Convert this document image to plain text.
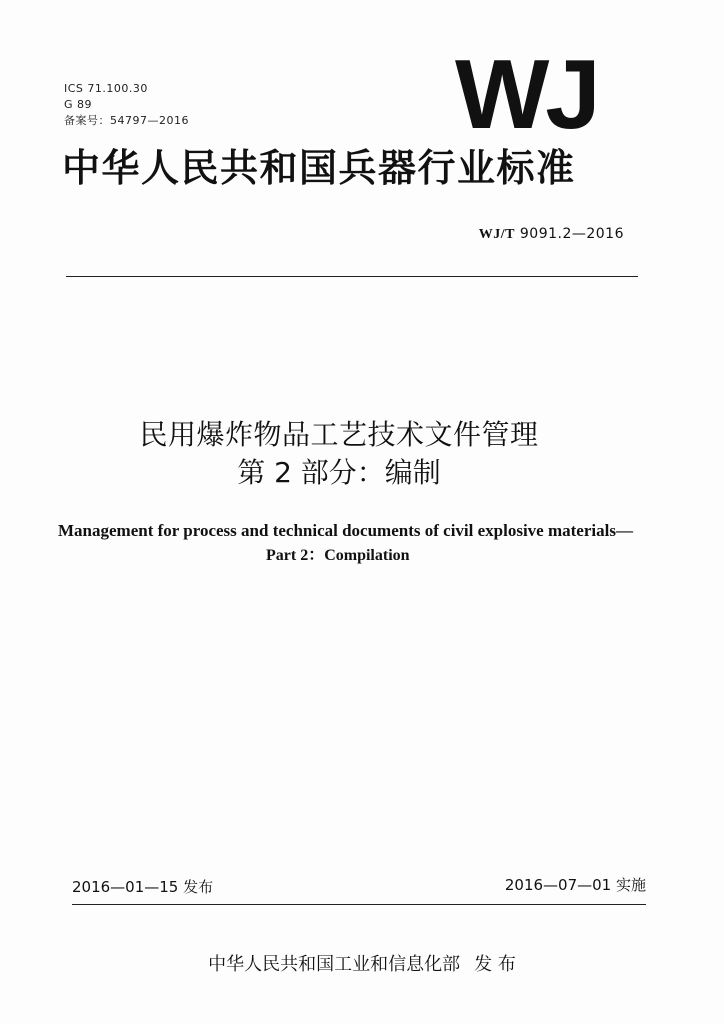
ICS 71.100.30
G 89
备案号：54797—2016	WJ
中华人民共和国兵器行业标准
WJ/T 9091.2—2016
民用爆炸物品工艺技术文件管理
第 2 部分：编制
Management for process and technical documents of civil explosive materials—
Part 2：Compilation
2016—01—15 发布	2016—07—01 实施
中华人民共和国工业和信息化部 发 布
